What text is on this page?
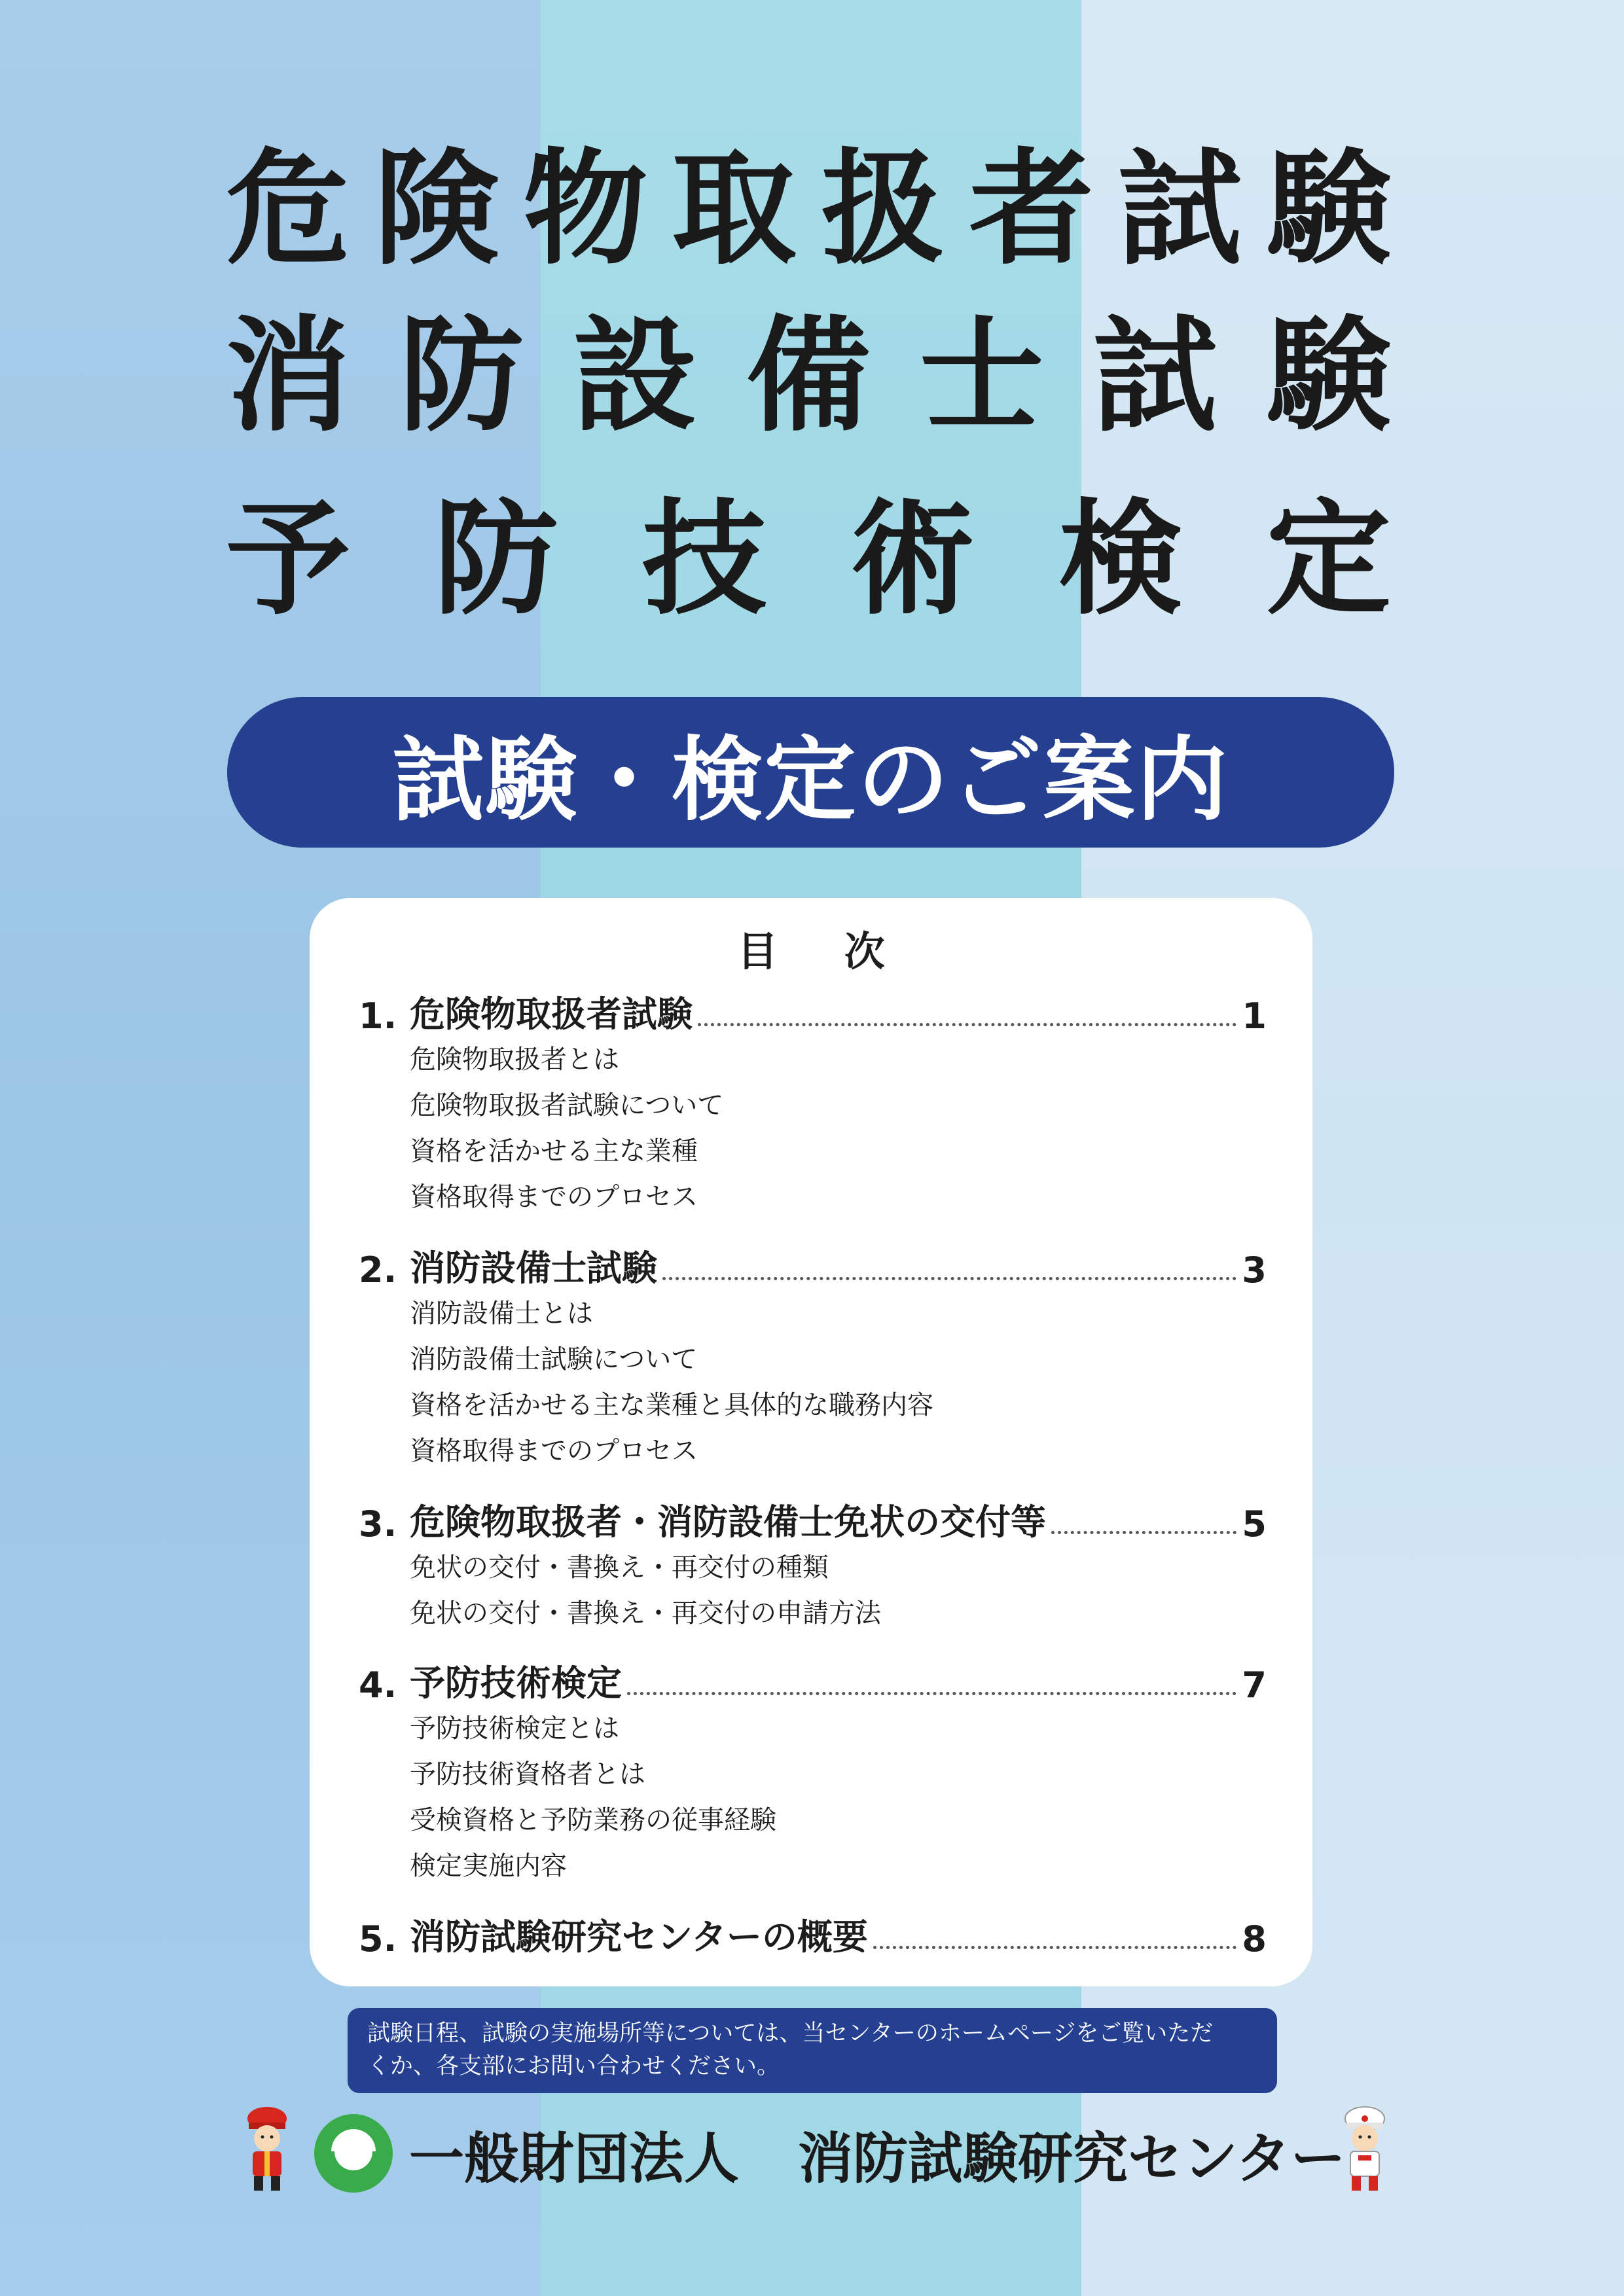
危 険 物 取 扱 者 試 験
消 防 設 備 士 試 験
予 防 技 術 検 定
試験・検定のご案内
目 次
1. 危険物取扱者試験	1
危険物取扱者とは
危険物取扱者試験について
資格を活かせる主な業種
資格取得までのプロセス
2. 消防設備士試験	3
消防設備士とは
消防設備士試験について
資格を活かせる主な業種と具体的な職務内容
資格取得までのプロセス
3. 危険物取扱者・消防設備士免状の交付等	5
免状の交付・書換え・再交付の種類
免状の交付・書換え・再交付の申請方法
4. 予防技術検定	7
予防技術検定とは
予防技術資格者とは
受検資格と予防業務の従事経験
検定実施内容
5. 消防試験研究センターの概要	8
試験日程、試験の実施場所等については、当センターのホームページをご覧いただ
くか、各支部にお問い合わせください。
一般財団法人 消防試験研究センター
